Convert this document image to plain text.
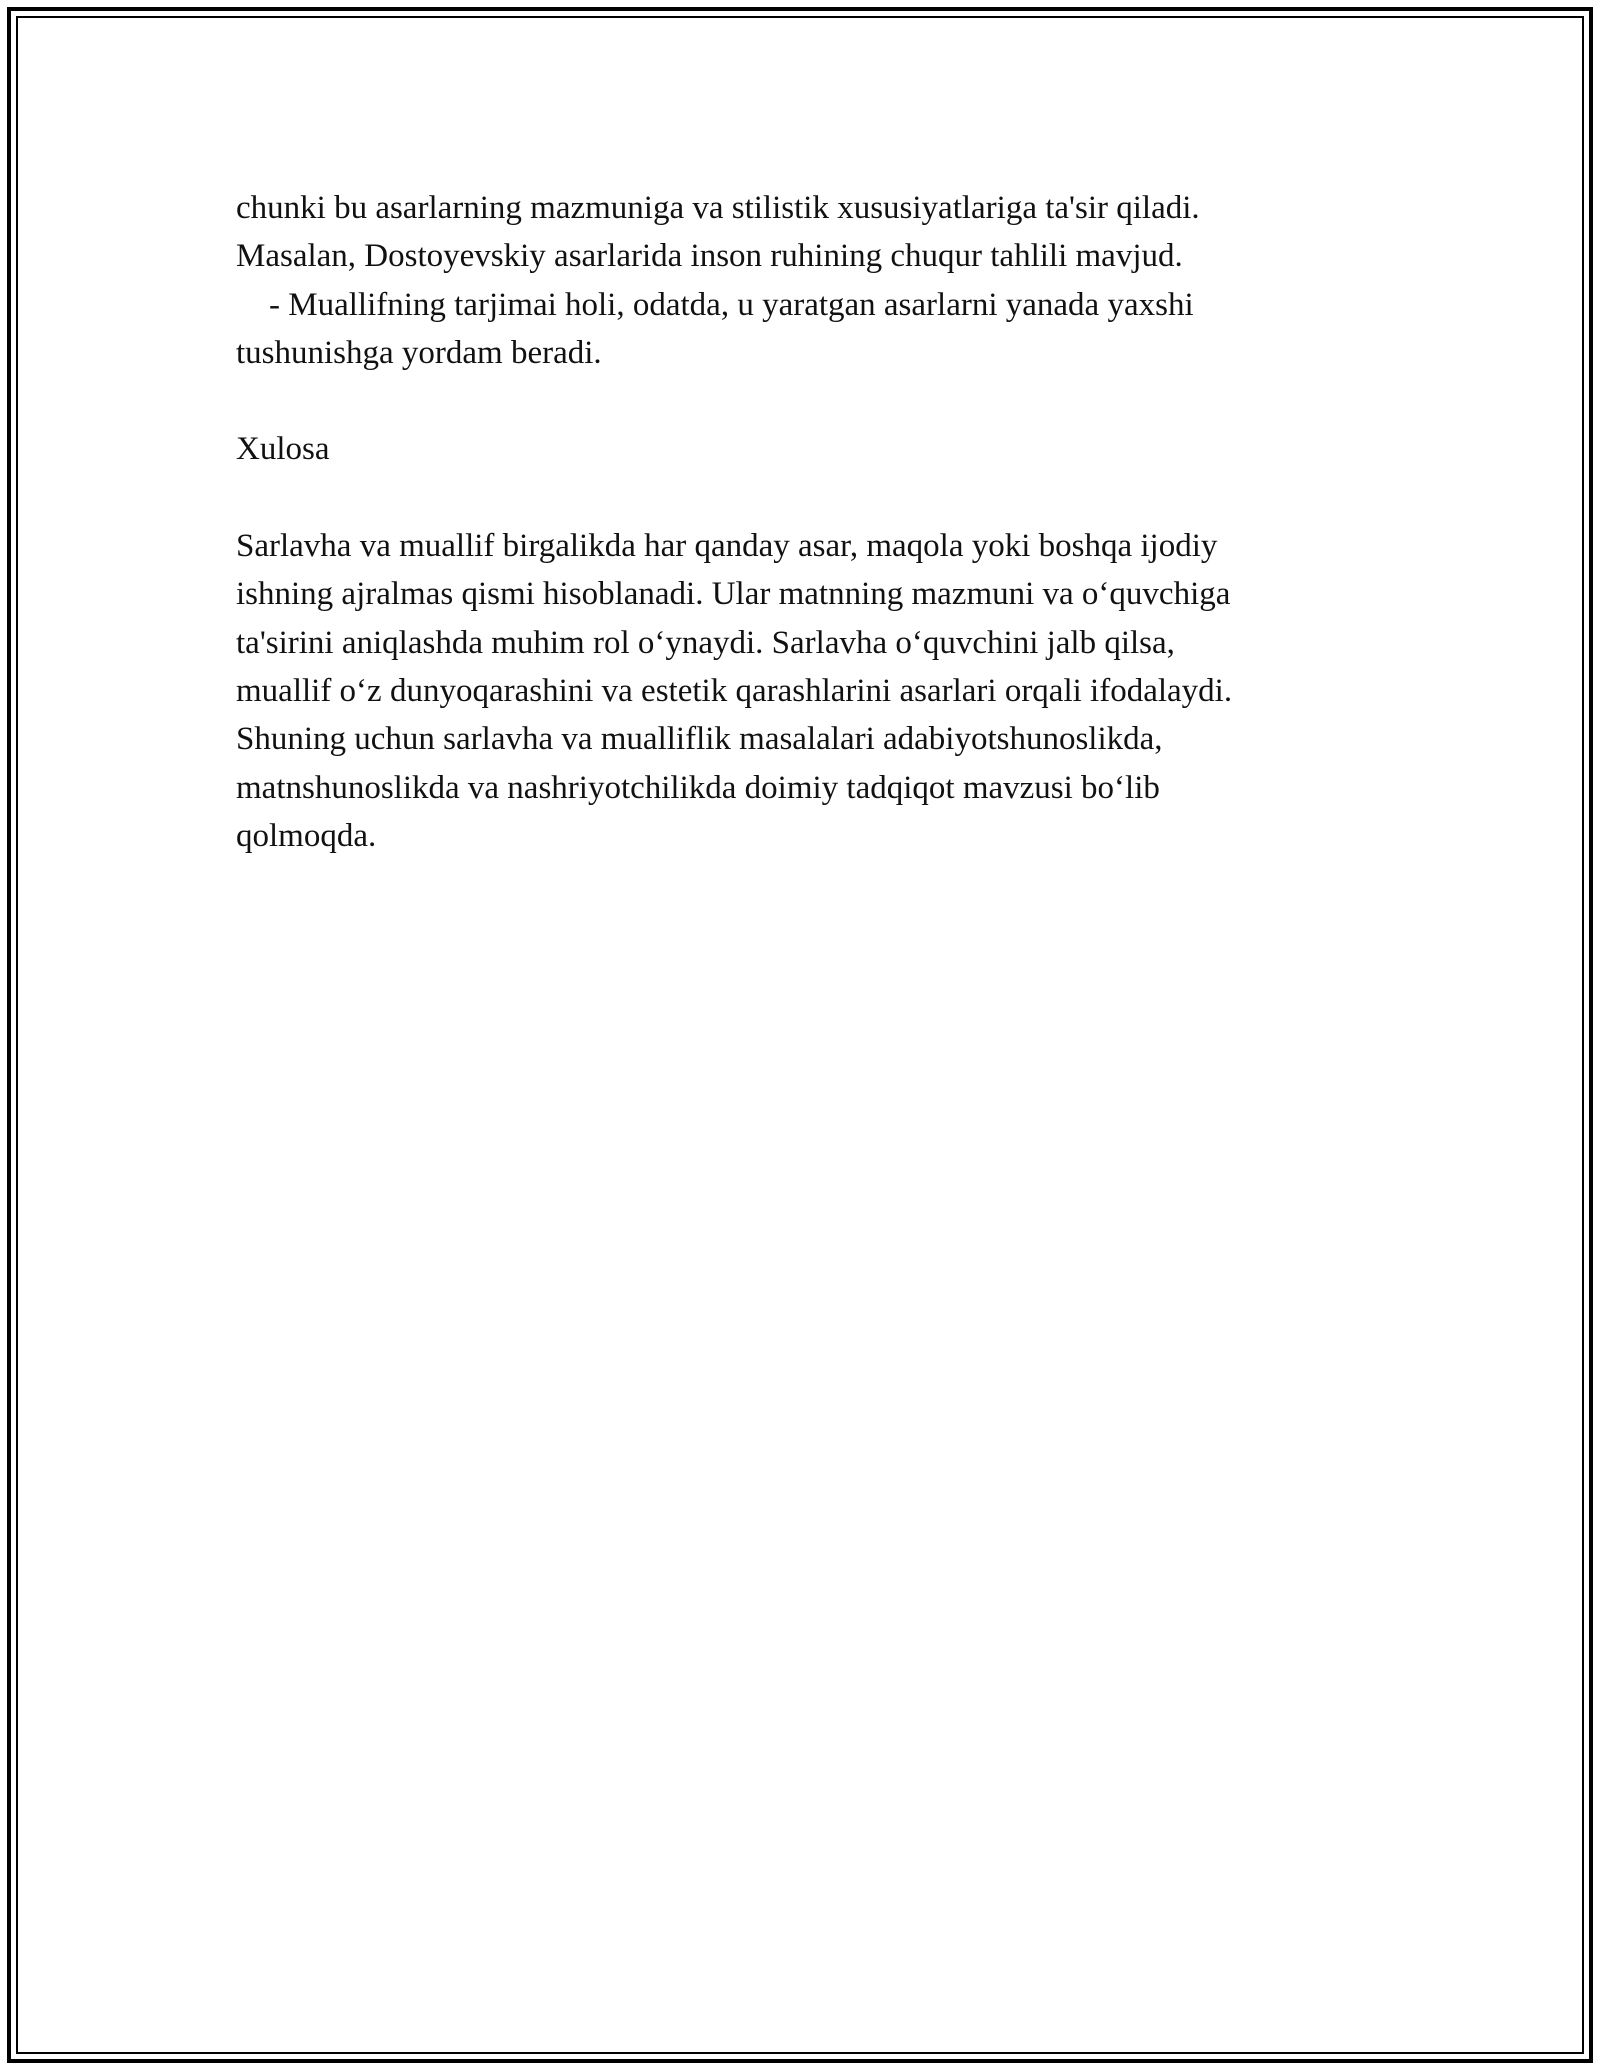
chunki bu asarlarning mazmuniga va stilistik xususiyatlariga ta'sir qiladi.
Masalan, Dostoyevskiy asarlarida inson ruhining chuqur tahlili mavjud.
- Muallifning tarjimai holi, odatda, u yaratgan asarlarni yanada yaxshi
tushunishga yordam beradi.
Xulosa
Sarlavha va muallif birgalikda har qanday asar, maqola yoki boshqa ijodiy
ishning ajralmas qismi hisoblanadi. Ular matnning mazmuni va o‘quvchiga
ta'sirini aniqlashda muhim rol o‘ynaydi. Sarlavha o‘quvchini jalb qilsa,
muallif o‘z dunyoqarashini va estetik qarashlarini asarlari orqali ifodalaydi.
Shuning uchun sarlavha va mualliflik masalalari adabiyotshunoslikda,
matnshunoslikda va nashriyotchilikda doimiy tadqiqot mavzusi bo‘lib
qolmoqda.
